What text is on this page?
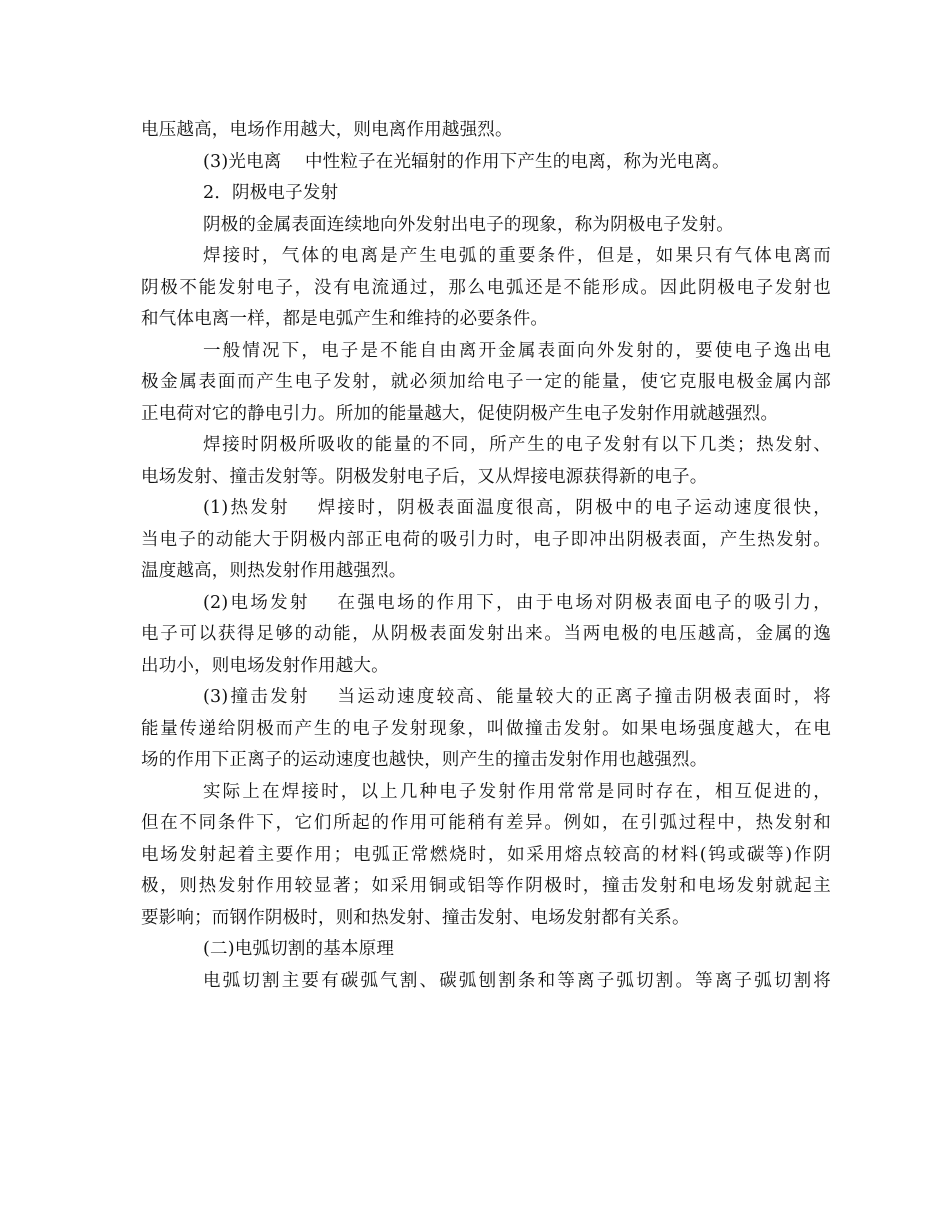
电压越高，电场作用越大，则电离作用越强烈。
(3)光电离　 中性粒子在光辐射的作用下产生的电离，称为光电离。
2．阴极电子发射
阴极的金属表面连续地向外发射出电子的现象，称为阴极电子发射。
焊接时，气体的电离是产生电弧的重要条件，但是，如果只有气体电离而
阴极不能发射电子，没有电流通过，那么电弧还是不能形成。因此阴极电子发射也
和气体电离一样，都是电弧产生和维持的必要条件。
一般情况下，电子是不能自由离开金属表面向外发射的，要使电子逸出电
极金属表面而产生电子发射，就必须加给电子一定的能量，使它克服电极金属内部
正电荷对它的静电引力。所加的能量越大，促使阴极产生电子发射作用就越强烈。
焊接时阴极所吸收的能量的不同，所产生的电子发射有以下几类；热发射、
电场发射、撞击发射等。阴极发射电子后，又从焊接电源获得新的电子。
(1)热发射　 焊接时，阴极表面温度很高，阴极中的电子运动速度很快，
当电子的动能大于阴极内部正电荷的吸引力时，电子即冲出阴极表面，产生热发射。
温度越高，则热发射作用越强烈。
(2)电场发射　 在强电场的作用下，由于电场对阴极表面电子的吸引力，
电子可以获得足够的动能，从阴极表面发射出来。当两电极的电压越高，金属的逸
出功小，则电场发射作用越大。
(3)撞击发射　 当运动速度较高、能量较大的正离子撞击阴极表面时，将
能量传递给阴极而产生的电子发射现象，叫做撞击发射。如果电场强度越大，在电
场的作用下正离子的运动速度也越快，则产生的撞击发射作用也越强烈。
实际上在焊接时，以上几种电子发射作用常常是同时存在，相互促进的，
但在不同条件下，它们所起的作用可能稍有差异。例如，在引弧过程中，热发射和
电场发射起着主要作用；电弧正常燃烧时，如采用熔点较高的材料(钨或碳等)作阴
极，则热发射作用较显著；如采用铜或铝等作阴极时，撞击发射和电场发射就起主
要影响；而钢作阴极时，则和热发射、撞击发射、电场发射都有关系。
(二)电弧切割的基本原理
电弧切割主要有碳弧气割、碳弧刨割条和等离子弧切割。等离子弧切割将
